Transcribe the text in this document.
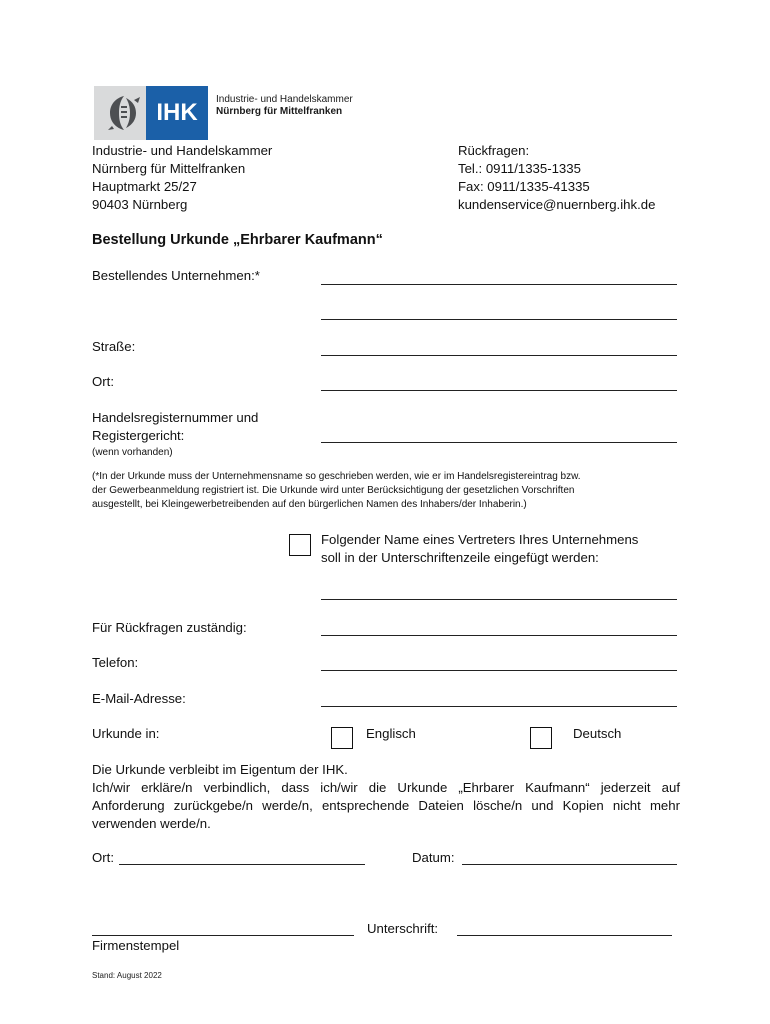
IHK	Industrie- und Handelskammer
Nürnberg für Mittelfranken
Industrie- und Handelskammer
Nürnberg für Mittelfranken
Hauptmarkt 25/27
90403 Nürnberg
Rückfragen:
Tel.: 0911/1335-1335
Fax: 0911/1335-41335
kundenservice@nuernberg.ihk.de
Bestellung Urkunde „Ehrbarer Kaufmann“
Bestellendes Unternehmen:*
Straße:
Ort:
Handelsregisternummer und
Registergericht:
(wenn vorhanden)
(*In der Urkunde muss der Unternehmensname so geschrieben werden, wie er im Handelsregistereintrag bzw.
der Gewerbeanmeldung registriert ist. Die Urkunde wird unter Berücksichtigung der gesetzlichen Vorschriften
ausgestellt, bei Kleingewerbetreibenden auf den bürgerlichen Namen des Inhabers/der Inhaberin.)
Folgender Name eines Vertreters Ihres Unternehmens
soll in der Unterschriftenzeile eingefügt werden:
Für Rückfragen zuständig:
Telefon:
E-Mail-Adresse:
Urkunde in:	Englisch	Deutsch
Die Urkunde verbleibt im Eigentum der IHK.
Ich/wir erkläre/n verbindlich, dass ich/wir die Urkunde „Ehrbarer Kaufmann“ jederzeit auf
Anforderung zurückgebe/n werde/n, entsprechende Dateien lösche/n und Kopien nicht mehr
verwenden werde/n.
Ort:	Datum:
Unterschrift:
Firmenstempel
Stand: August 2022
